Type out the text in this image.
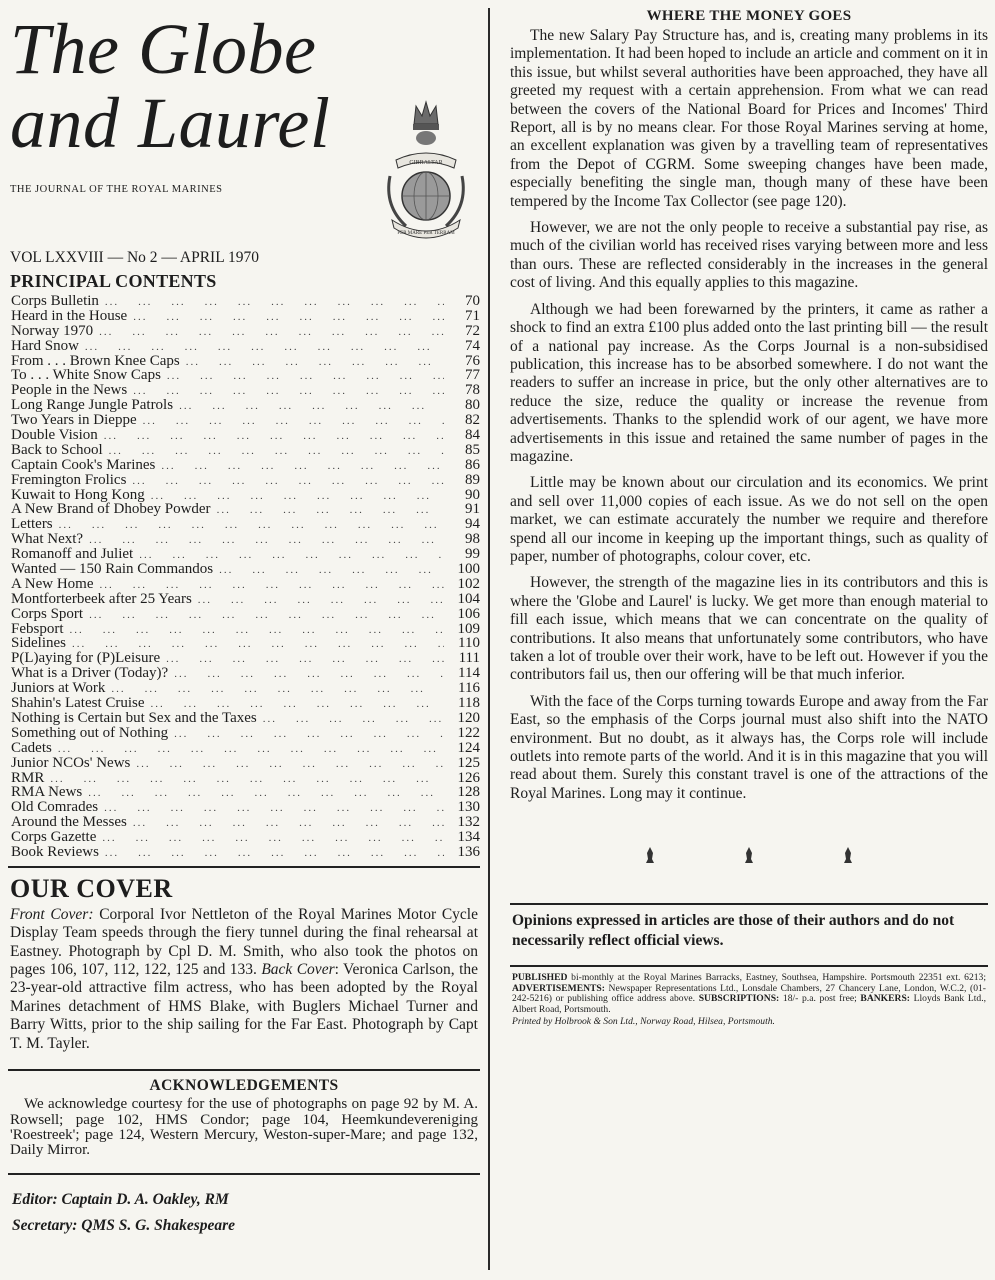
The Globe
and Laurel
THE JOURNAL OF THE ROYAL MARINES
GIBRALTAR
PER MARE PER TERRAM
VOL LXXVIII — No 2 — APRIL 1970
PRINCIPAL CONTENTS
Corps Bulletin ...	70
Heard in the House ...	71
Norway 1970 ...	72
Hard Snow ...	74
From . . . Brown Knee Caps ...	76
To . . . White Snow Caps ...	77
People in the News ...	78
Long Range Jungle Patrols ...	80
Two Years in Dieppe ...	82
Double Vision ...	84
Back to School ...	85
Captain Cook's Marines ...	86
Fremington Frolics ...	89
Kuwait to Hong Kong ...	90
A New Brand of Dhobey Powder ...	91
Letters ...	94
What Next? ...	98
Romanoff and Juliet ...	99
Wanted — 150 Rain Commandos ...	100
A New Home ...	102
Montforterbeek after 25 Years ...	104
Corps Sport ...	106
Febsport ...	109
Sidelines ...	110
P(L)aying for (P)Leisure ...	111
What is a Driver (Today)? ...	114
Juniors at Work ...	116
Shahin's Latest Cruise ...	118
Nothing is Certain but Sex and the Taxes ...	120
Something out of Nothing ...	122
Cadets ...	124
Junior NCOs' News ...	125
RMR ...	126
RMA News ...	128
Old Comrades ...	130
Around the Messes ...	132
Corps Gazette ...	134
Book Reviews ...	136
OUR COVER
Front Cover: Corporal Ivor Nettleton of the Royal Marines Motor Cycle Display Team speeds through the fiery tunnel during the final rehearsal at Eastney. Photograph by Cpl D. M. Smith, who also took the photos on pages 106, 107, 112, 122, 125 and 133. Back Cover: Veronica Carlson, the 23-year-old attractive film actress, who has been adopted by the Royal Marines detachment of HMS Blake, with Buglers Michael Turner and Barry Witts, prior to the ship sailing for the Far East. Photograph by Capt T. M. Tayler.
ACKNOWLEDGEMENTS
We acknowledge courtesy for the use of photographs on page 92 by M. A. Rowsell; page 102, HMS Condor; page 104, Heemkundevereniging 'Roestreek'; page 124, Western Mercury, Weston-super-Mare; and page 132, Daily Mirror.
Editor: Captain D. A. Oakley, RM
Secretary: QMS S. G. Shakespeare
WHERE THE MONEY GOES

The new Salary Pay Structure has, and is, creating many problems in its implementation. It had been hoped to include an article and comment on it in this issue, but whilst several authorities have been approached, they have all greeted my request with a certain apprehension. From what we can read between the covers of the National Board for Prices and Incomes' Third Report, all is by no means clear. For those Royal Marines serving at home, an excellent explanation was given by a travelling team of representatives from the Depot of CGRM. Some sweeping changes have been made, especially benefiting the single man, though many of these have been tempered by the Income Tax Collector (see page 120).

However, we are not the only people to receive a substantial pay rise, as much of the civilian world has received rises varying between more and less than ours. These are reflected considerably in the increases in the general cost of living. And this equally applies to this magazine.

Although we had been forewarned by the printers, it came as rather a shock to find an extra £100 plus added onto the last printing bill — the result of a national pay increase. As the Corps Journal is a non-subsidised publication, this increase has to be absorbed somewhere. I do not want the readers to suffer an increase in price, but the only other alternatives are to reduce the size, reduce the quality or increase the revenue from advertisements. Thanks to the splendid work of our agent, we have more advertisements in this issue and retained the same number of pages in the magazine.

Little may be known about our circulation and its economics. We print and sell over 11,000 copies of each issue. As we do not sell on the open market, we can estimate accurately the number we require and therefore spend all our income in keeping up the important things, such as quality of paper, number of photographs, colour cover, etc.

However, the strength of the magazine lies in its contributors and this is where the 'Globe and Laurel' is lucky. We get more than enough material to fill each issue, which means that we can concentrate on the quality of contributions. It also means that unfortunately some contributors, who have taken a lot of trouble over their work, have to be left out. However if you the contributors fail us, then our offering will be that much inferior.

With the face of the Corps turning towards Europe and away from the Far East, so the emphasis of the Corps journal must also shift into the NATO environment. But no doubt, as it always has, the Corps role will include outlets into remote parts of the world. And it is in this magazine that you will read about them. Surely this constant travel is one of the attractions of the Royal Marines. Long may it continue.

Opinions expressed in articles are those of their authors and do not necessarily reflect official views.
PUBLISHED bi-monthly at the Royal Marines Barracks, Eastney, Southsea, Hampshire. Portsmouth 22351 ext. 6213; ADVERTISEMENTS: Newspaper Representations Ltd., Lonsdale Chambers, 27 Chancery Lane, London, W.C.2, (01-242-5216) or publishing office address above. SUBSCRIPTIONS: 18/- p.a. post free; BANKERS: Lloyds Bank Ltd., Albert Road, Portsmouth.
Printed by Holbrook & Son Ltd., Norway Road, Hilsea, Portsmouth.
